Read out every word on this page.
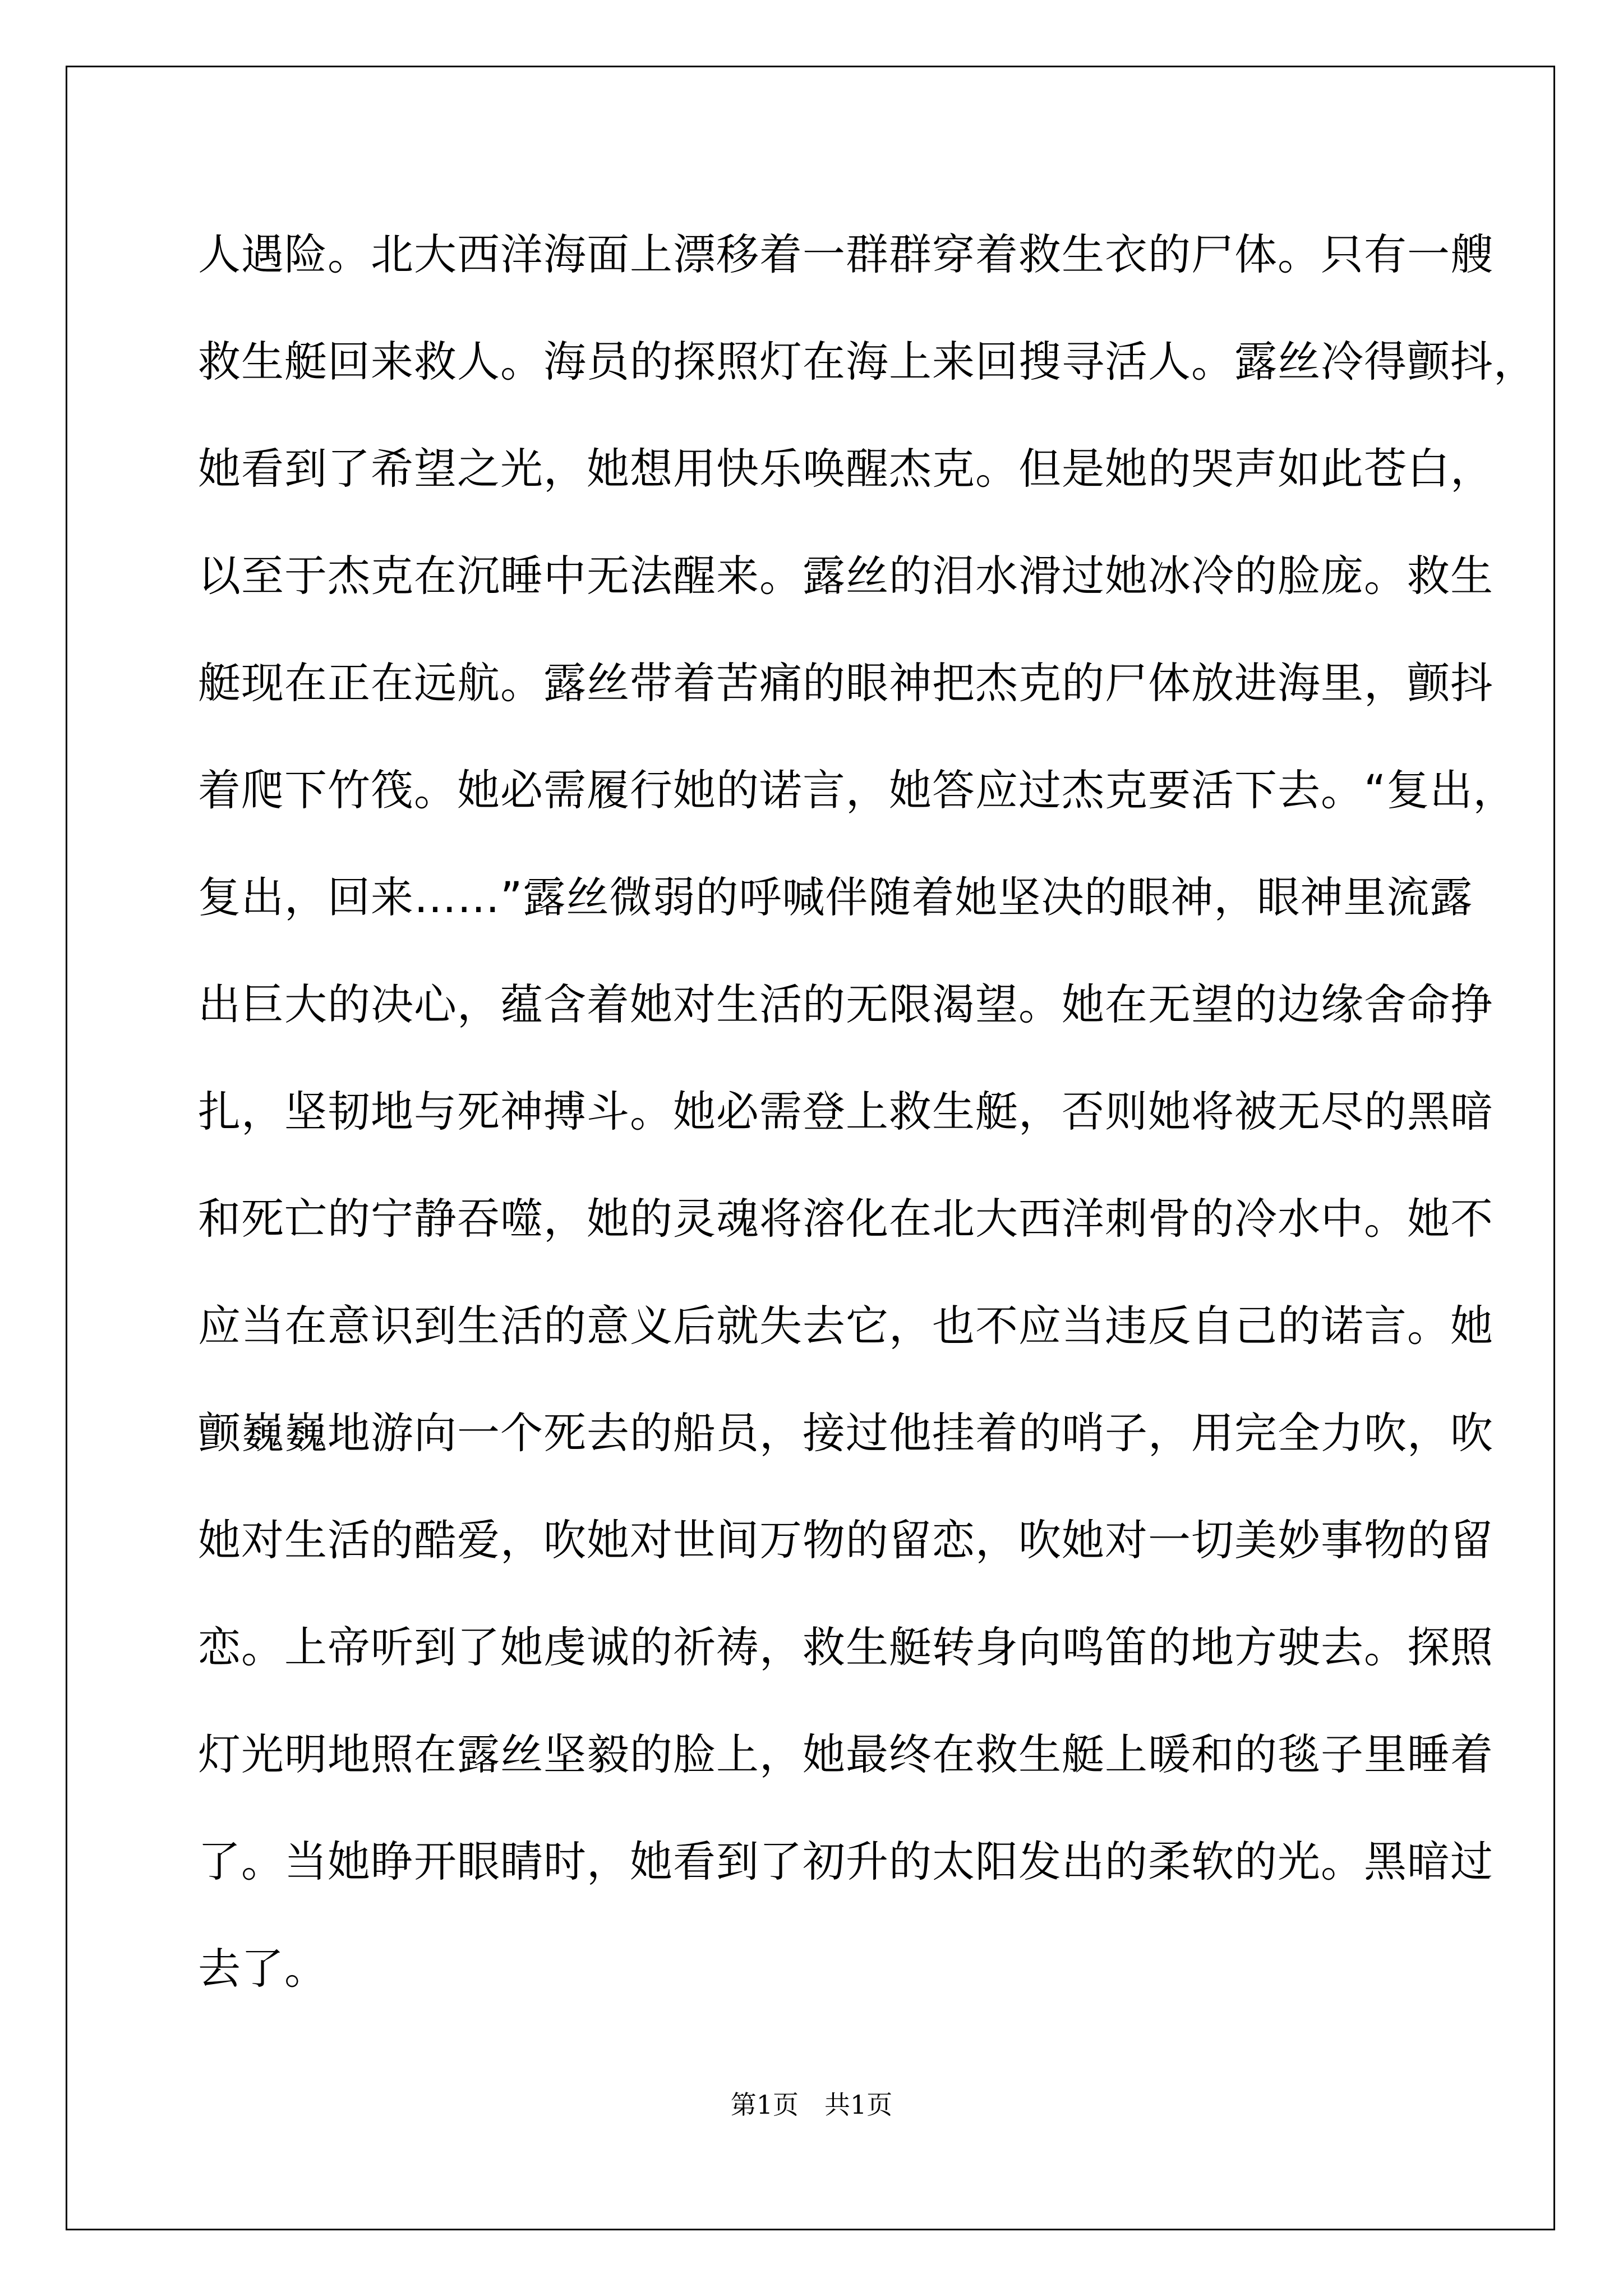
人遇险。北大西洋海面上漂移着一群群穿着救生衣的尸体。只有一艘
救生艇回来救人。海员的探照灯在海上来回搜寻活人。露丝冷得颤抖，
她看到了希望之光，她想用快乐唤醒杰克。但是她的哭声如此苍白，
以至于杰克在沉睡中无法醒来。露丝的泪水滑过她冰冷的脸庞。救生
艇现在正在远航。露丝带着苦痛的眼神把杰克的尸体放进海里，颤抖
着爬下竹筏。她必需履行她的诺言，她答应过杰克要活下去。“复出，
复出，回来……”露丝微弱的呼喊伴随着她坚决的眼神，眼神里流露
出巨大的决心，蕴含着她对生活的无限渴望。她在无望的边缘舍命挣
扎，坚韧地与死神搏斗。她必需登上救生艇，否则她将被无尽的黑暗
和死亡的宁静吞噬，她的灵魂将溶化在北大西洋刺骨的冷水中。她不
应当在意识到生活的意义后就失去它，也不应当违反自己的诺言。她
颤巍巍地游向一个死去的船员，接过他挂着的哨子，用完全力吹，吹
她对生活的酷爱，吹她对世间万物的留恋，吹她对一切美妙事物的留
恋。上帝听到了她虔诚的祈祷，救生艇转身向鸣笛的地方驶去。探照
灯光明地照在露丝坚毅的脸上，她最终在救生艇上暖和的毯子里睡着
了。当她睁开眼睛时，她看到了初升的太阳发出的柔软的光。黑暗过
去了。
第1页　共1页
